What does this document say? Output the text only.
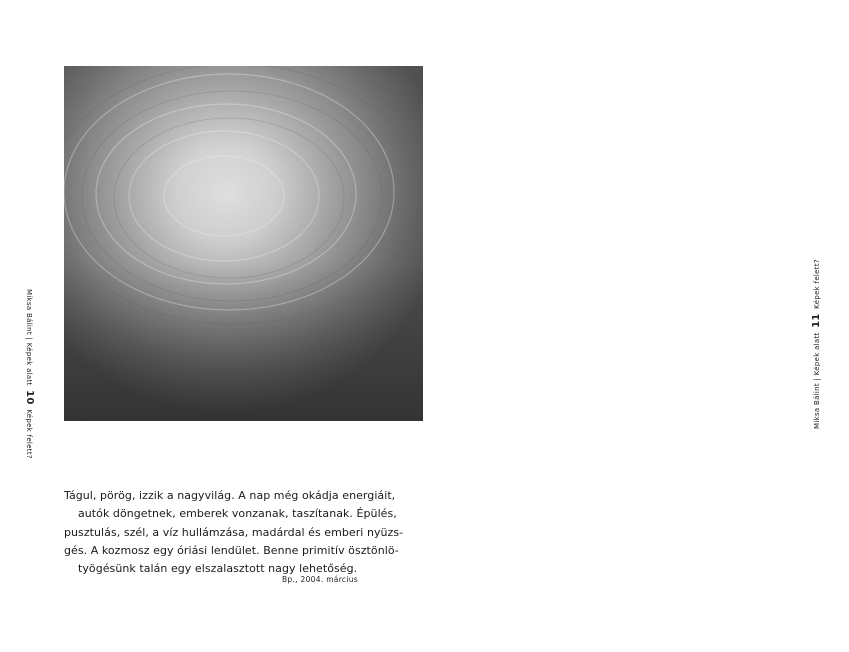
Miksa Bálint | Képek alatt 10 Képek felett?
Tágul, pörög, izzik a nagyvilág. A nap még okádja energiáit,
autók döngetnek, emberek vonzanak, taszítanak. Épülés,
pusztulás, szél, a víz hullámzása, madárdal és emberi nyüzs-
gés. A kozmosz egy óriási lendület. Benne primitív ösztönlö-
työgésünk talán egy elszalasztott nagy lehetőség.
Bp., 2004. március
Miksa Bálint | Képek alatt 11 Képek felett?
